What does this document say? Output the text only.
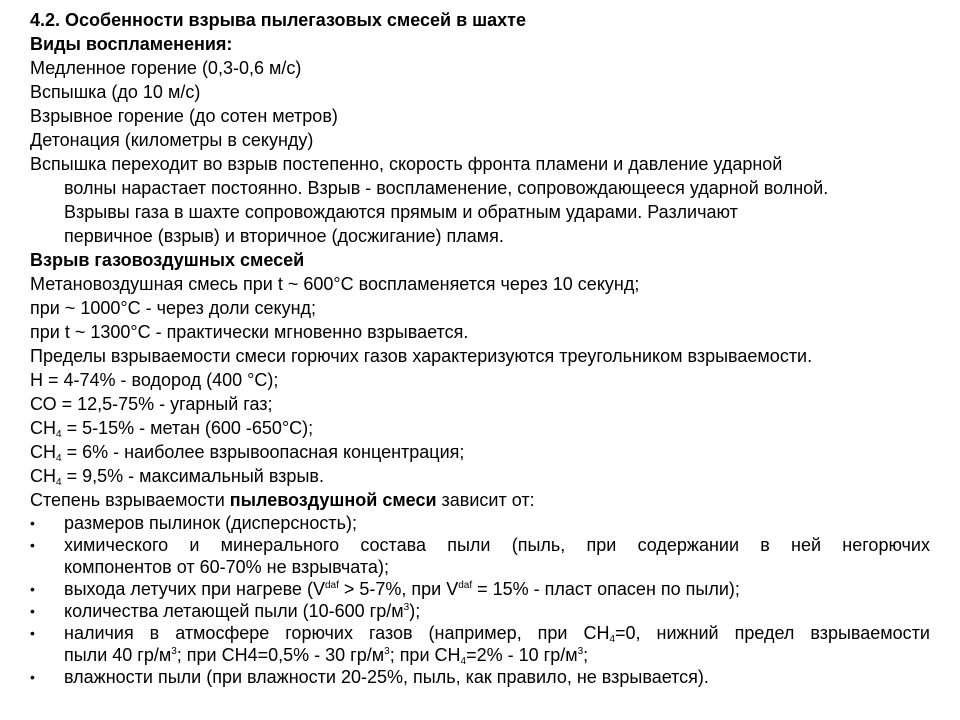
4.2. Особенности взрыва пылегазовых смесей в шахте
Виды воспламенения:
Медленное горение (0,3-0,6 м/с)
Вспышка (до 10 м/с)
Взрывное горение (до сотен метров)
Детонация (километры в секунду)
Вспышка переходит во взрыв постепенно, скорость фронта пламени и давление ударной
волны нарастает постоянно. Взрыв - воспламенение, сопровождающееся ударной волной.
Взрывы газа в шахте сопровождаются прямым и обратным ударами. Различают
первичное (взрыв) и вторичное (досжигание) пламя.
Взрыв газовоздушных смесей
Метановоздушная смесь при t ~ 600°C воспламеняется через 10 секунд;
при ~ 1000°С - через доли секунд;
при t ~ 1300°С - практически мгновенно взрывается.
Пределы взрываемости смеси горючих газов характеризуются треугольником взрываемости.
Н = 4-74% - водород (400 °С);
СО = 12,5-75% - угарный газ;
$CH_4 = 5-15\%$ - метан (600 -650°С);
$CH_4 = 6\%$ - наиболее взрывоопасная концентрация;
$CH_4 = 9,5\%$ - максимальный взрыв.
Степень взрываемости пылевоздушной смеси зависит от:
• размеров пылинок (дисперсность);
• химического и минерального состава пыли (пыль, при содержании в ней негорючих
компонентов от 60-70% не взрывчата);
• выхода летучих при нагреве ($V^{daf} > 5-7\%$, при $V^{daf} = 15\%$ - пласт опасен по пыли);
• количества летающей пыли (10-600 $гр/м^3$);
• наличия в атмосфере горючих газов (например, при $СН_4=0$, нижний предел взрываемости
пыли 40 $гр/м^3$; при СН4=0,5% - 30 $гр/м^3$; при $СН_4=2\% - 10$ $гр/м^3$;
• влажности пыли (при влажности 20-25%, пыль, как правило, не взрывается).
